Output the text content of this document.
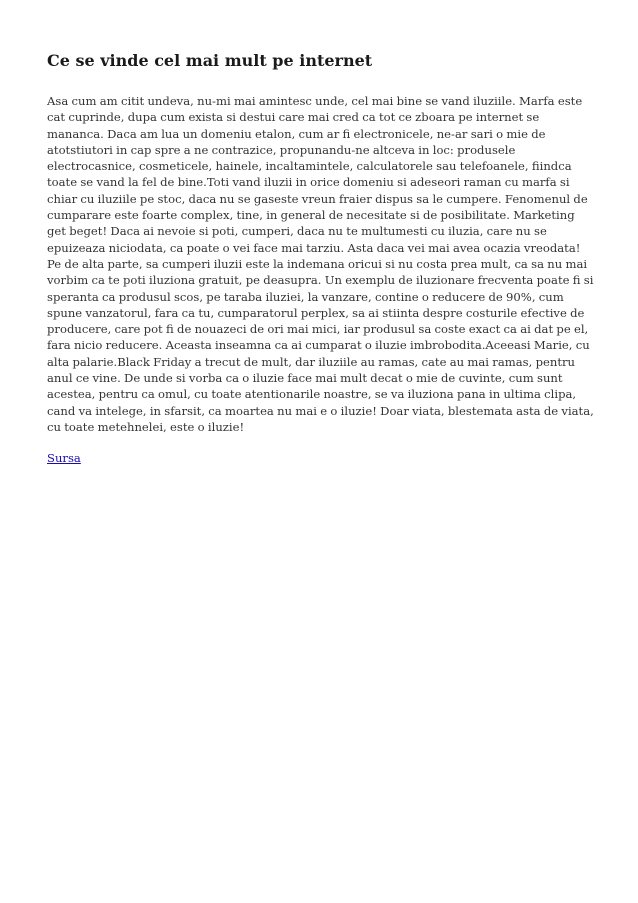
Ce se vinde cel mai mult pe internet

Asa cum am citit undeva, nu-mi mai amintesc unde, cel mai bine se vand iluziile. Marfa este cat cuprinde, dupa cum exista si destui care mai cred ca tot ce zboara pe internet se mananca. Daca am lua un domeniu etalon, cum ar fi electronicele, ne-ar sari o mie de atotstiutori in cap spre a ne contrazice, propunandu-ne altceva in loc: produsele electrocasnice, cosmeticele, hainele, incaltamintele, calculatorele sau telefoanele, fiindca toate se vand la fel de bine.Toti vand iluzii in orice domeniu si adeseori raman cu marfa si chiar cu iluziile pe stoc, daca nu se gaseste vreun fraier dispus sa le cumpere. Fenomenul de cumparare este foarte complex, tine, in general de necesitate si de posibilitate. Marketing get beget! Daca ai nevoie si poti, cumperi, daca nu te multumesti cu iluzia, care nu se epuizeaza niciodata, ca poate o vei face mai tarziu. Asta daca vei mai avea ocazia vreodata! Pe de alta parte, sa cumperi iluzii este la indemana oricui si nu costa prea mult, ca sa nu mai vorbim ca te poti iluziona gratuit, pe deasupra. Un exemplu de iluzionare frecventa poate fi si speranta ca produsul scos, pe taraba iluziei, la vanzare, contine o reducere de 90%, cum spune vanzatorul, fara ca tu, cumparatorul perplex, sa ai stiinta despre costurile efective de producere, care pot fi de nouazeci de ori mai mici, iar produsul sa coste exact ca ai dat pe el, fara nicio reducere. Aceasta inseamna ca ai cumparat o iluzie imbrobodita.Aceeasi Marie, cu alta palarie.Black Friday a trecut de mult, dar iluziile au ramas, cate au mai ramas, pentru anul ce vine. De unde si vorba ca o iluzie face mai mult decat o mie de cuvinte, cum sunt acestea, pentru ca omul, cu toate atentionarile noastre, se va iluziona pana in ultima clipa, cand va intelege, in sfarsit, ca moartea nu mai e o iluzie! Doar viata, blestemata asta de viata, cu toate metehnelei, este o iluzie!

Sursa
